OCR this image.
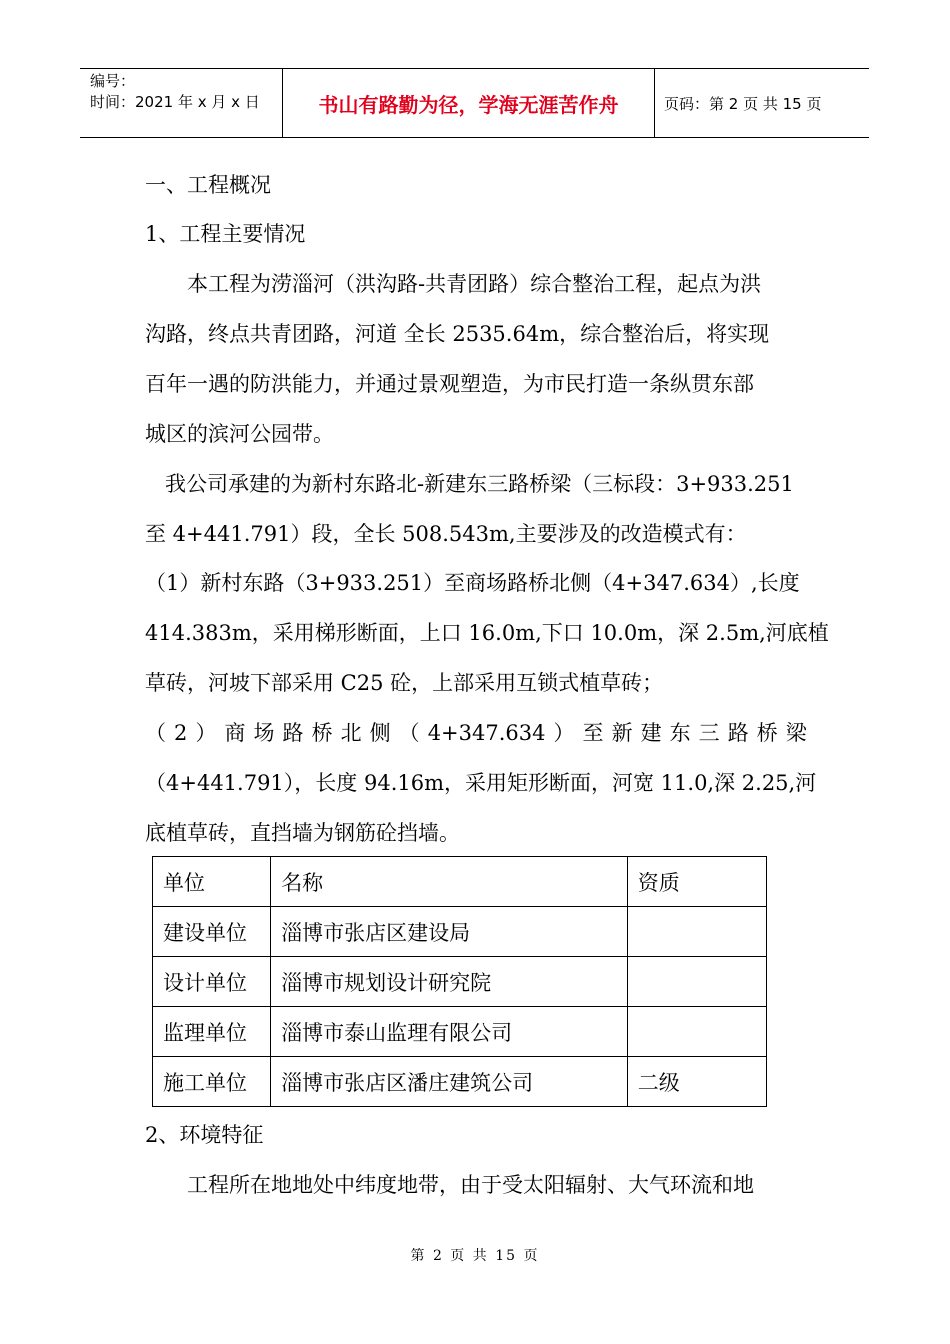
编号：
时间：2021 年 x 月 x 日	书山有路勤为径，学海无涯苦作舟	页码：第 2 页 共 15 页
一、工程概况
1、工程主要情况
本工程为涝淄河（洪沟路-共青团路）综合整治工程，起点为洪
沟路，终点共青团路，河道 全长 2535.64m，综合整治后，将实现
百年一遇的防洪能力，并通过景观塑造，为市民打造一条纵贯东部
城区的滨河公园带。
我公司承建的为新村东路北-新建东三路桥梁（三标段：3+933.251
至 4+441.791）段，全长 508.543m,主要涉及的改造模式有：
（1）新村东路（3+933.251）至商场路桥北侧（4+347.634）,长度
414.383m，采用梯形断面，上口 16.0m,下口 10.0m，深 2.5m,河底植
草砖，河坡下部采用 C25 砼，上部采用互锁式植草砖；
（ 2 ） 商 场 路 桥 北 侧 （ 4+347.634 ） 至 新 建 东 三 路 桥 梁
（4+441.791），长度 94.16m，采用矩形断面，河宽 11.0,深 2.25,河
底植草砖，直挡墙为钢筋砼挡墙。
单位	名称	资质
建设单位	淄博市张店区建设局	
设计单位	淄博市规划设计研究院	
监理单位	淄博市泰山监理有限公司	
施工单位	淄博市张店区潘庄建筑公司	二级
2、环境特征
工程所在地地处中纬度地带，由于受太阳辐射、大气环流和地
第 2 页 共 15 页
